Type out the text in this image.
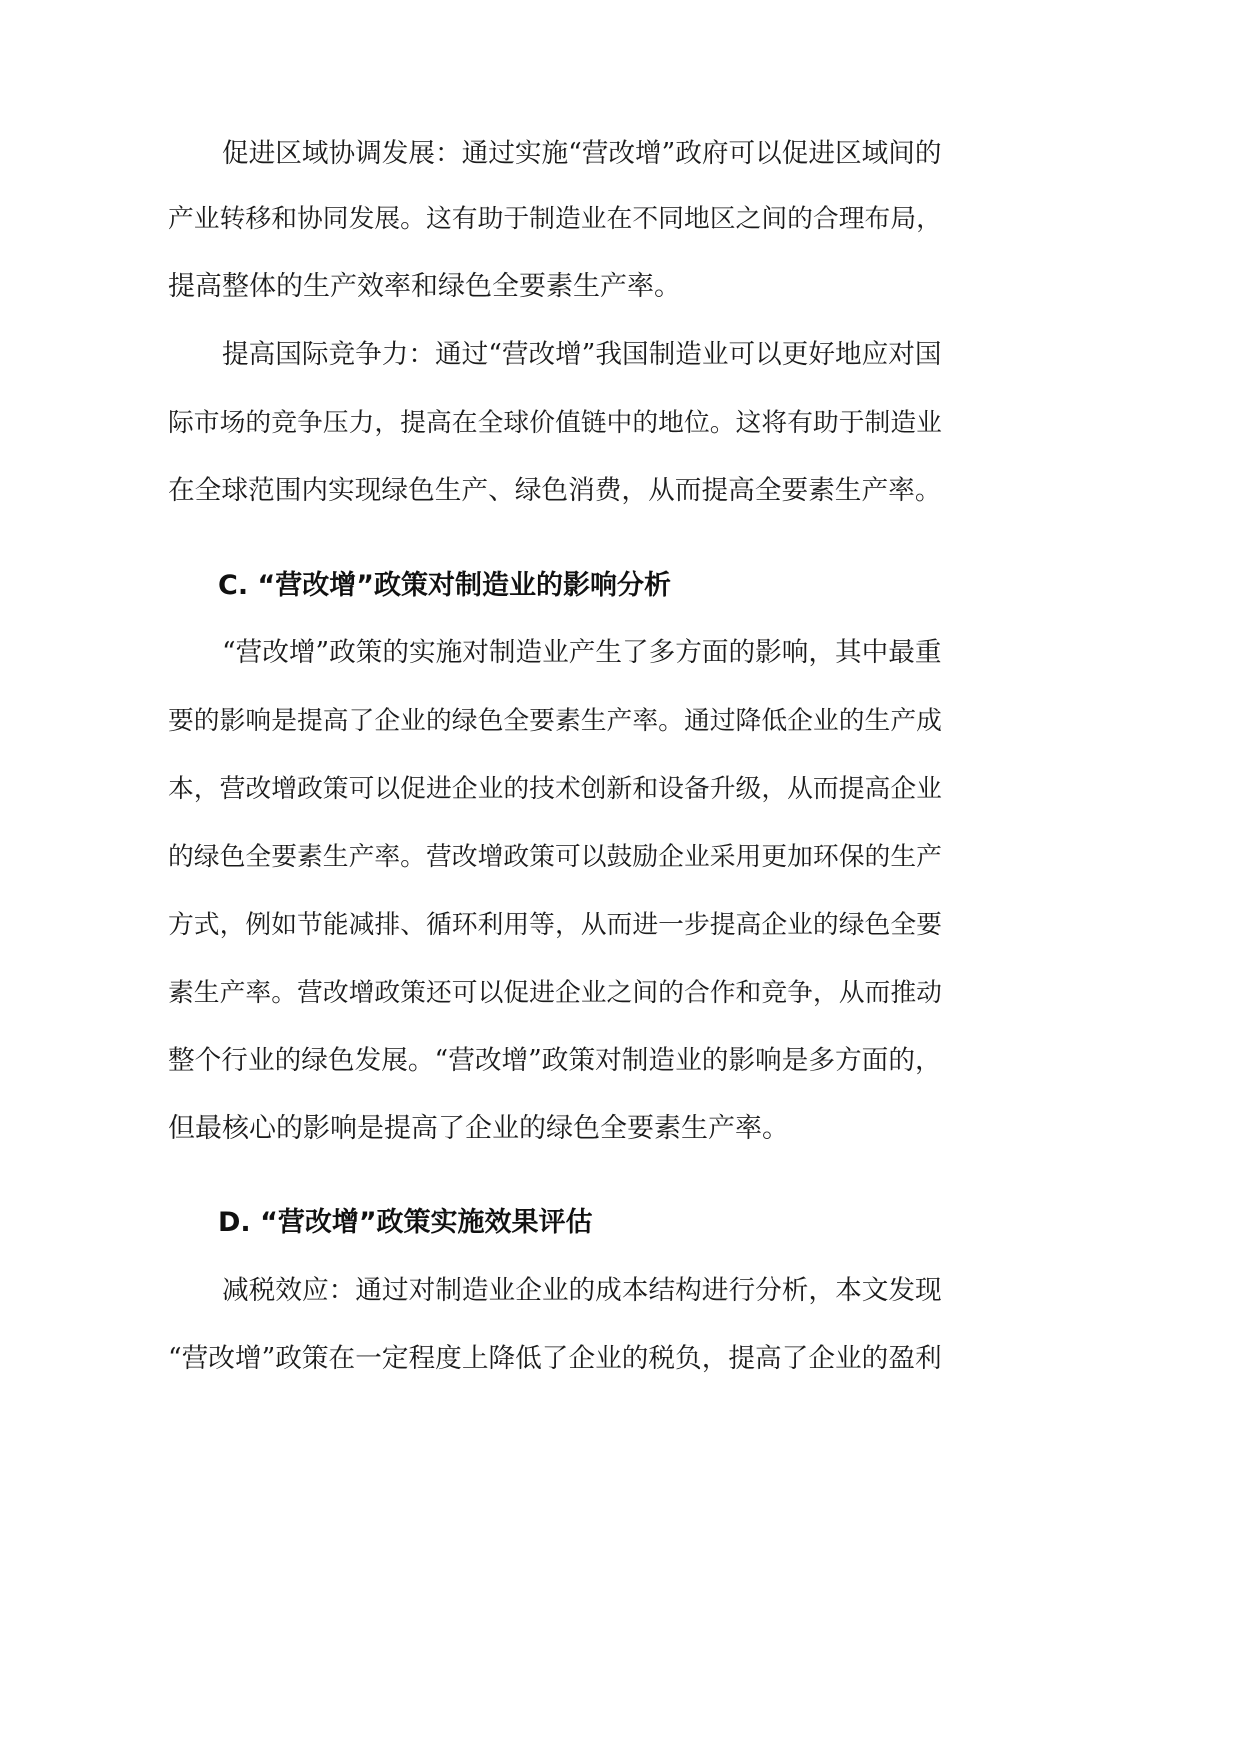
促进区域协调发展：通过实施“营改增”政府可以促进区域间的
产业转移和协同发展。这有助于制造业在不同地区之间的合理布局，
提高整体的生产效率和绿色全要素生产率。
提高国际竞争力：通过“营改增”我国制造业可以更好地应对国
际市场的竞争压力，提高在全球价值链中的地位。这将有助于制造业
在全球范围内实现绿色生产、绿色消费，从而提高全要素生产率。
C. “营改增”政策对制造业的影响分析
“营改增”政策的实施对制造业产生了多方面的影响，其中最重
要的影响是提高了企业的绿色全要素生产率。通过降低企业的生产成
本，营改增政策可以促进企业的技术创新和设备升级，从而提高企业
的绿色全要素生产率。营改增政策可以鼓励企业采用更加环保的生产
方式，例如节能减排、循环利用等，从而进一步提高企业的绿色全要
素生产率。营改增政策还可以促进企业之间的合作和竞争，从而推动
整个行业的绿色发展。“营改增”政策对制造业的影响是多方面的，
但最核心的影响是提高了企业的绿色全要素生产率。
D. “营改增”政策实施效果评估
减税效应：通过对制造业企业的成本结构进行分析，本文发现
“营改增”政策在一定程度上降低了企业的税负，提高了企业的盈利
